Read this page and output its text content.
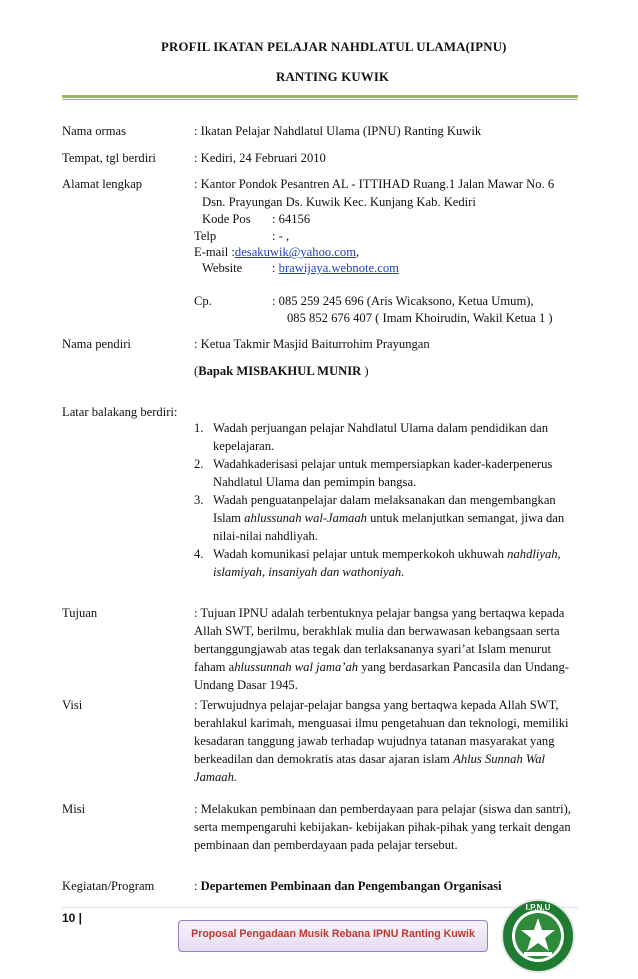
PROFIL IKATAN PELAJAR NAHDLATUL ULAMA(IPNU)
RANTING KUWIK
Nama ormas	: Ikatan Pelajar Nahdlatul Ulama (IPNU) Ranting Kuwik
Tempat, tgl berdiri	: Kediri, 24 Februari 2010
Alamat lengkap	: Kantor Pondok Pesantren AL - ITTIHAD Ruang.1 Jalan Mawar No. 6
Dsn. Prayungan Ds. Kuwik Kec. Kunjang Kab. Kediri
Kode Pos : 64156
Telp	: - ,
E-mail :desakuwik@yahoo.com,
Website : brawijaya.webnote.com
Cp.	: 085 259 245 696 (Aris Wicaksono, Ketua Umum),
085 852 676 407 ( Imam Khoirudin, Wakil Ketua 1 )
Nama pendiri	: Ketua Takmir Masjid Baiturrohim Prayungan
(Bapak MISBAKHUL MUNIR )
Latar balakang berdiri:
1. Wadah perjuangan pelajar Nahdlatul Ulama dalam pendidikan dan
kepelajaran.
2. Wadahkaderisasi pelajar untuk mempersiapkan kader-kaderpenerus
Nahdlatul Ulama dan pemimpin bangsa.
3. Wadah penguatanpelajar dalam melaksanakan dan mengembangkan
Islam ahlussunah wal-Jamaah untuk melanjutkan semangat, jiwa dan
nilai-nilai nahdliyah.
4. Wadah komunikasi pelajar untuk memperkokoh ukhuwah nahdliyah,
islamiyah, insaniyah dan wathoniyah.
Tujuan	: Tujuan IPNU adalah terbentuknya pelajar bangsa yang bertaqwa kepada
Allah SWT, berilmu, berakhlak mulia dan berwawasan kebangsaan serta
bertanggungjawab atas tegak dan terlaksananya syari’at Islam menurut
faham ahlussunnah wal jama’ah yang berdasarkan Pancasila dan Undang-
Undang Dasar 1945.
Visi	: Terwujudnya pelajar-pelajar bangsa yang bertaqwa kepada Allah SWT,
berahlakul karimah, menguasai ilmu pengetahuan dan teknologi, memiliki
kesadaran tanggung jawab terhadap wujudnya tatanan masyarakat yang
berkeadilan dan demokratis atas dasar ajaran islam Ahlus Sunnah Wal
Jamaah.
Misi	: Melakukan pembinaan dan pemberdayaan para pelajar (siswa dan santri),
serta mempengaruhi kebijakan- kebijakan pihak-pihak yang terkait dengan
pembinaan dan pemberdayaan pada pelajar tersebut.
Kegiatan/Program	: Departemen Pembinaan dan Pengembangan Organisasi
10 |
Proposal Pengadaan Musik Rebana IPNU Ranting Kuwik
I.P.N.U
